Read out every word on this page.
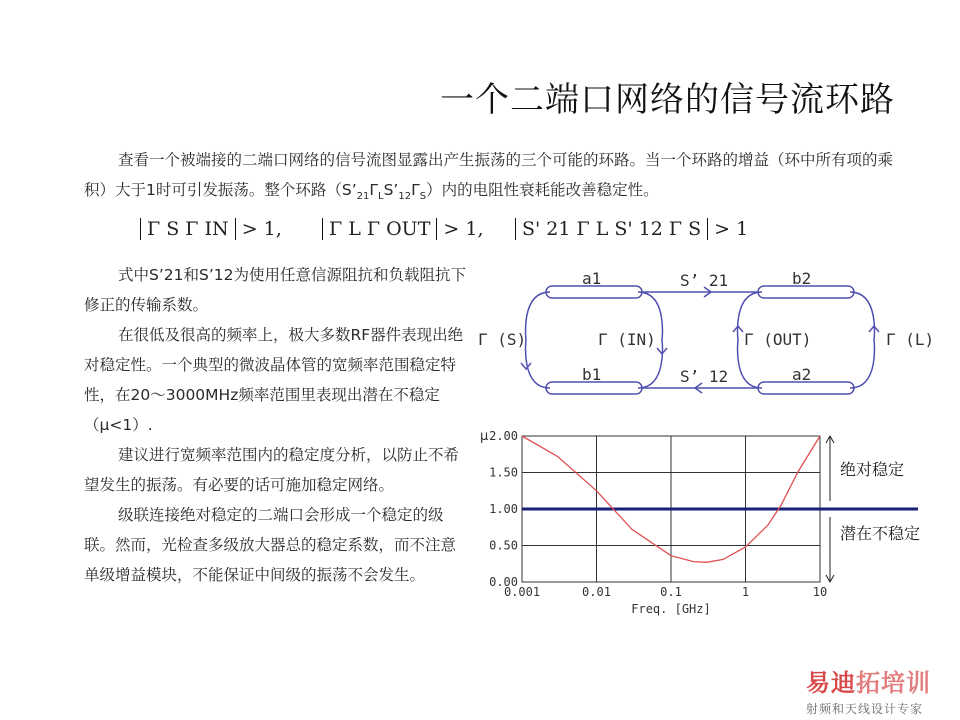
一个二端口网络的信号流环路
查看一个被端接的二端口网络的信号流图显露出产生振荡的三个可能的环路。当一个环路的增益（环中所有项的乘积）大于1时可引发振荡。整个环路$(S’_{21}\Gamma_LS’_{12}\Gamma_S)$内的电阻性衰耗能改善稳定性。
Γ S Γ IN > 1,	Γ L Γ OUT > 1,	S' 21 Γ L S' 12 Γ S > 1

式中S’21和S’12为使用任意信源阻抗和负载阻抗下修正的传输系数。

在很低及很高的频率上，极大多数RF器件表现出绝对稳定性。一个典型的微波晶体管的宽频率范围稳定特性，在20～3000MHz频率范围里表现出潜在不稳定（μ<1）.

建议进行宽频率范围内的稳定度分析，以防止不希望发生的振荡。有必要的话可施加稳定网络。

级联连接绝对稳定的二端口会形成一个稳定的级联。然而，光检查多级放大器总的稳定系数，而不注意单级增益模块，不能保证中间级的振荡不会发生。

a1
b1
b2
a2
S’ 21
S’ 12
Γ (S)	Γ (IN)	Γ (OUT)	Γ (L)
0.001	0.01	0.1	1	10
0.00
0.50
1.00
1.50
2.00
μ
Freq. [GHz]
绝对稳定
潜在不稳定
易迪拓培训
射频和天线设计专家
